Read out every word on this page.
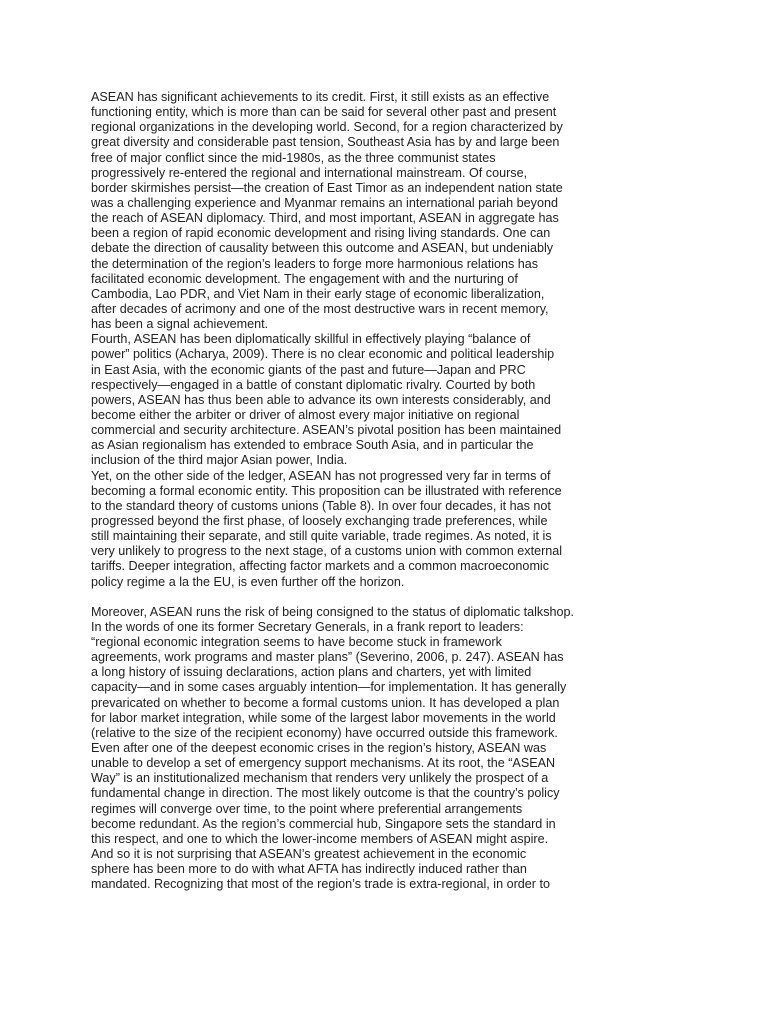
ASEAN has significant achievements to its credit. First, it still exists as an effective
functioning entity, which is more than can be said for several other past and present
regional organizations in the developing world. Second, for a region characterized by
great diversity and considerable past tension, Southeast Asia has by and large been
free of major conflict since the mid-1980s, as the three communist states
progressively re-entered the regional and international mainstream. Of course,
border skirmishes persist—the creation of East Timor as an independent nation state
was a challenging experience and Myanmar remains an international pariah beyond
the reach of ASEAN diplomacy. Third, and most important, ASEAN in aggregate has
been a region of rapid economic development and rising living standards. One can
debate the direction of causality between this outcome and ASEAN, but undeniably
the determination of the region’s leaders to forge more harmonious relations has
facilitated economic development. The engagement with and the nurturing of
Cambodia, Lao PDR, and Viet Nam in their early stage of economic liberalization,
after decades of acrimony and one of the most destructive wars in recent memory,
has been a signal achievement.
Fourth, ASEAN has been diplomatically skillful in effectively playing “balance of
power” politics (Acharya, 2009). There is no clear economic and political leadership
in East Asia, with the economic giants of the past and future—Japan and PRC
respectively—engaged in a battle of constant diplomatic rivalry. Courted by both
powers, ASEAN has thus been able to advance its own interests considerably, and
become either the arbiter or driver of almost every major initiative on regional
commercial and security architecture. ASEAN’s pivotal position has been maintained
as Asian regionalism has extended to embrace South Asia, and in particular the
inclusion of the third major Asian power, India.
Yet, on the other side of the ledger, ASEAN has not progressed very far in terms of
becoming a formal economic entity. This proposition can be illustrated with reference
to the standard theory of customs unions (Table 8). In over four decades, it has not
progressed beyond the first phase, of loosely exchanging trade preferences, while
still maintaining their separate, and still quite variable, trade regimes. As noted, it is
very unlikely to progress to the next stage, of a customs union with common external
tariffs. Deeper integration, affecting factor markets and a common macroeconomic
policy regime a la the EU, is even further off the horizon.
Moreover, ASEAN runs the risk of being consigned to the status of diplomatic talkshop.
In the words of one its former Secretary Generals, in a frank report to leaders:
“regional economic integration seems to have become stuck in framework
agreements, work programs and master plans” (Severino, 2006, p. 247). ASEAN has
a long history of issuing declarations, action plans and charters, yet with limited
capacity—and in some cases arguably intention—for implementation. It has generally
prevaricated on whether to become a formal customs union. It has developed a plan
for labor market integration, while some of the largest labor movements in the world
(relative to the size of the recipient economy) have occurred outside this framework.
Even after one of the deepest economic crises in the region’s history, ASEAN was
unable to develop a set of emergency support mechanisms. At its root, the “ASEAN
Way” is an institutionalized mechanism that renders very unlikely the prospect of a
fundamental change in direction. The most likely outcome is that the country’s policy
regimes will converge over time, to the point where preferential arrangements
become redundant. As the region’s commercial hub, Singapore sets the standard in
this respect, and one to which the lower-income members of ASEAN might aspire.
And so it is not surprising that ASEAN’s greatest achievement in the economic
sphere has been more to do with what AFTA has indirectly induced rather than
mandated. Recognizing that most of the region’s trade is extra-regional, in order to
